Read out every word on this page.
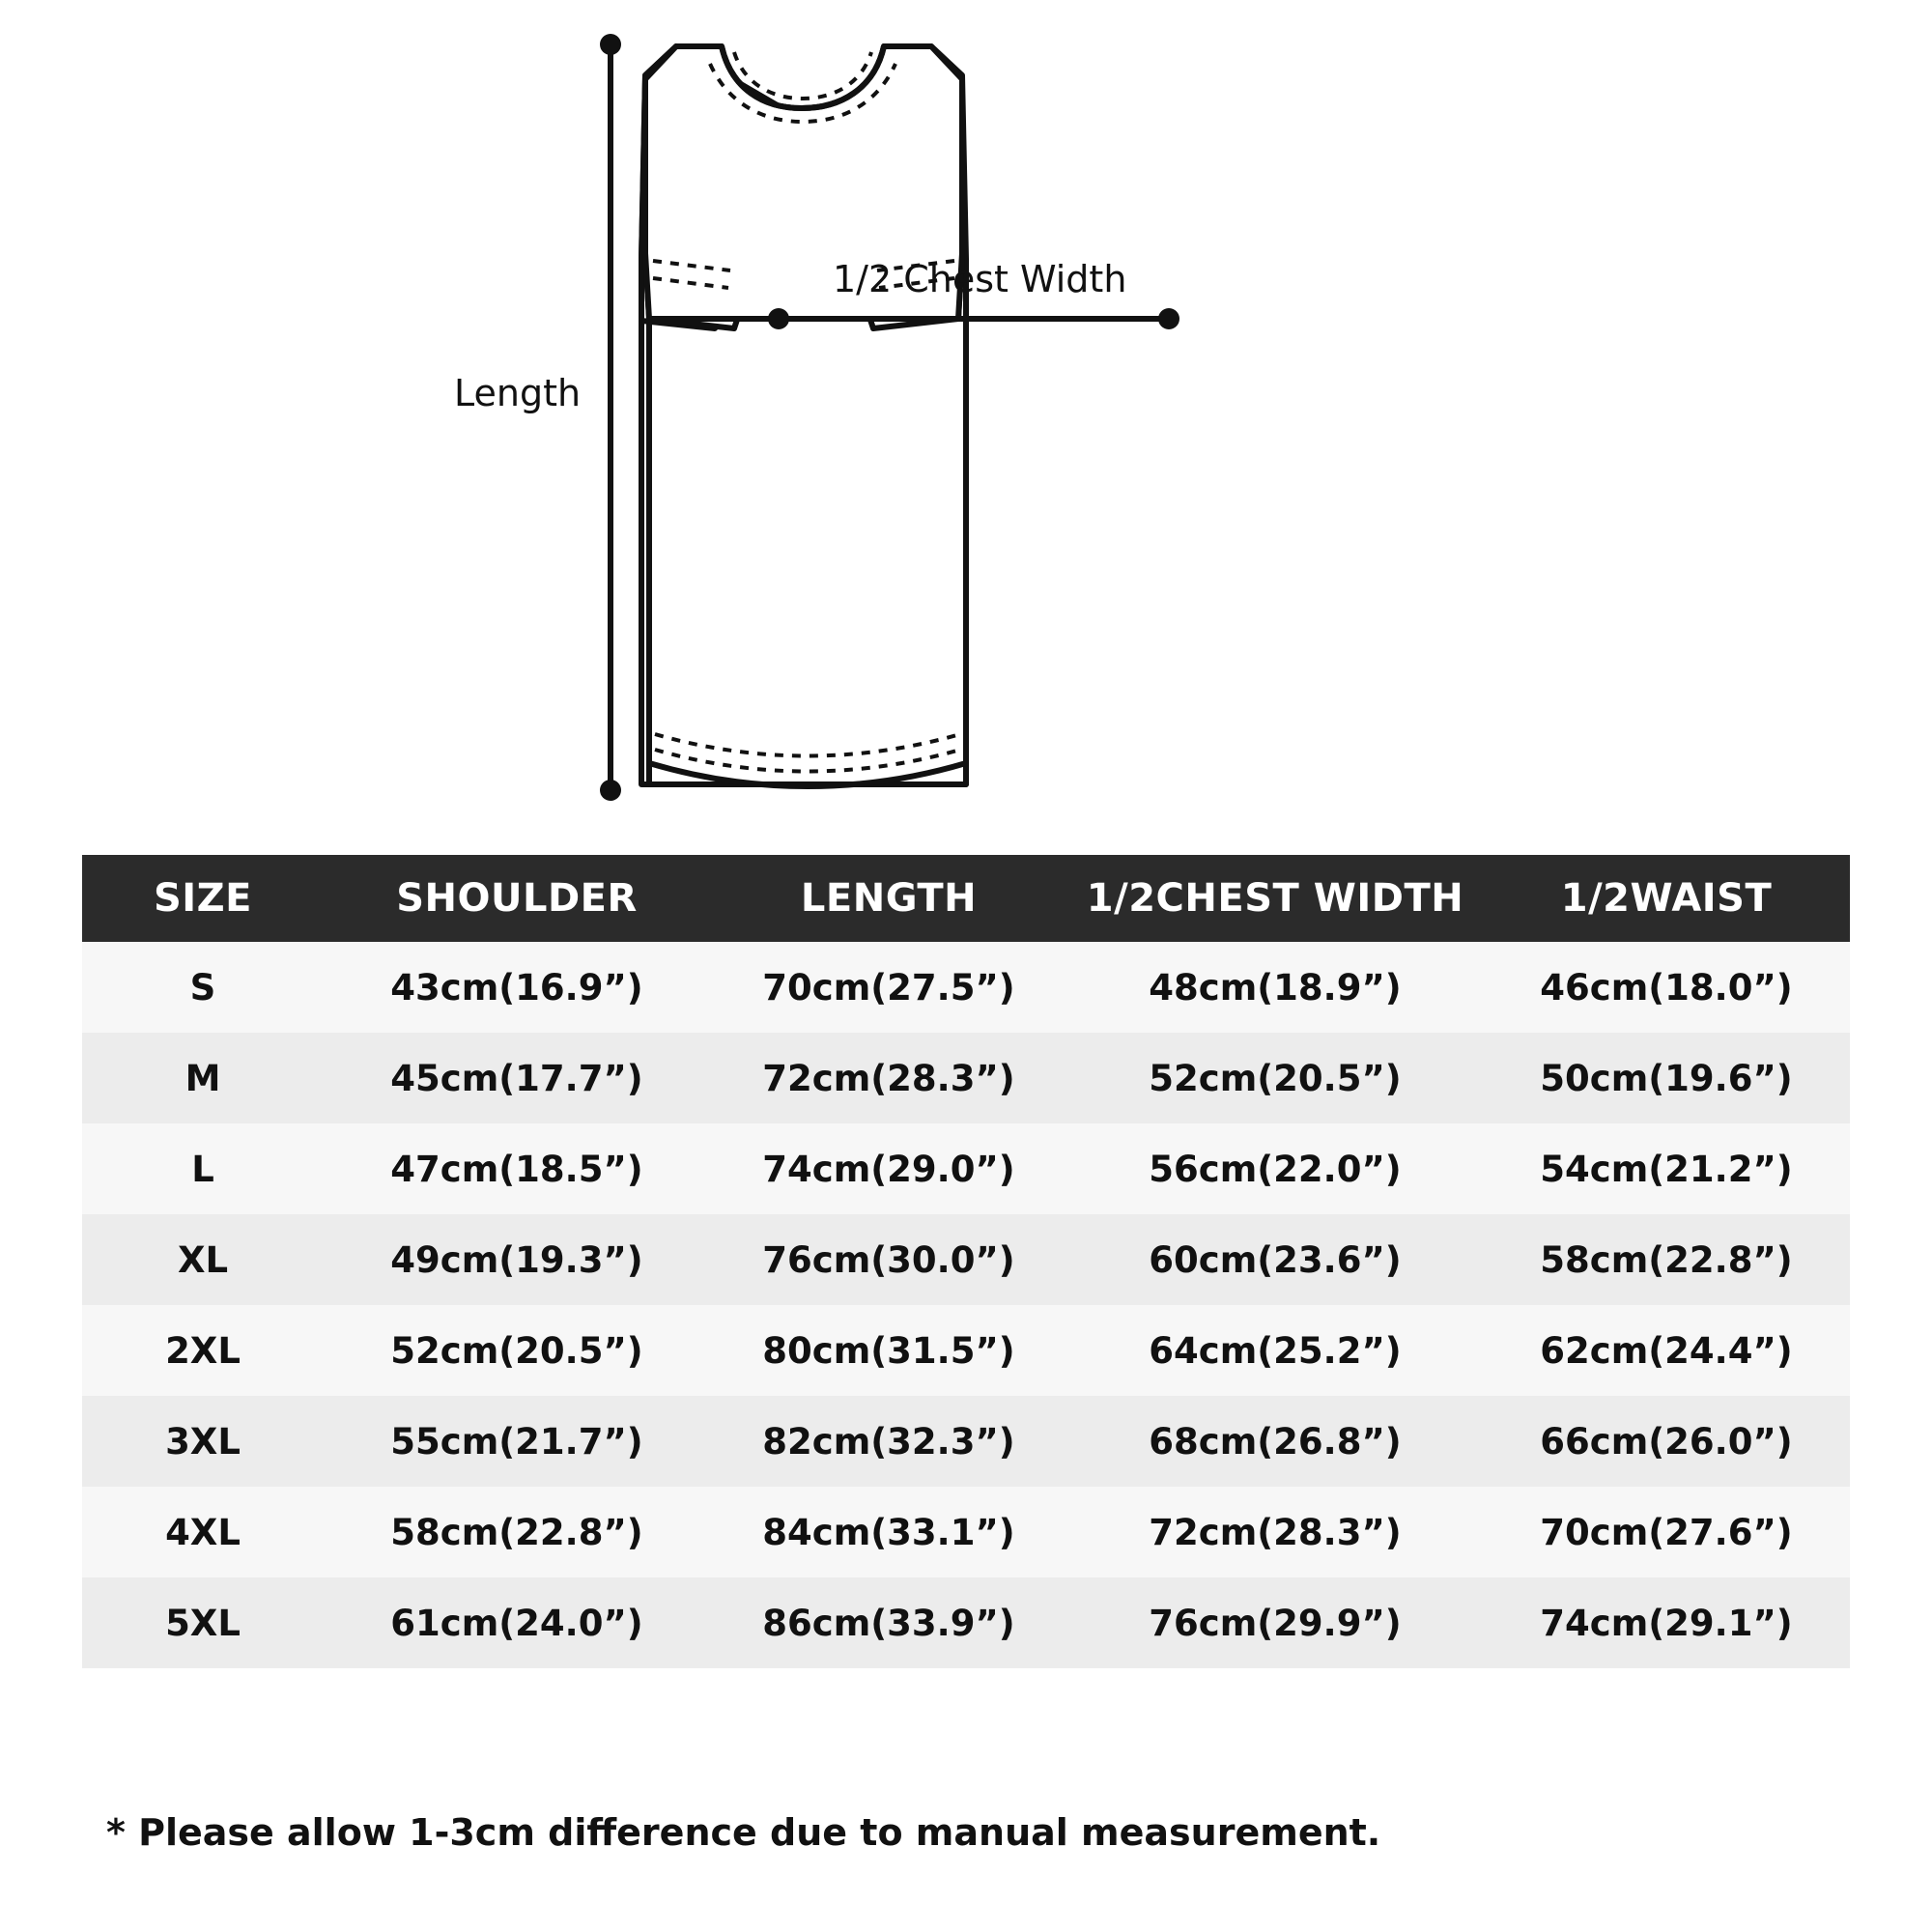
Length
1/2 Chest Width
SIZE	SHOULDER	LENGTH	1/2CHEST WIDTH	1/2WAIST
S	43cm(16.9”)	70cm(27.5”)	48cm(18.9”)	46cm(18.0”)
M	45cm(17.7”)	72cm(28.3”)	52cm(20.5”)	50cm(19.6”)
L	47cm(18.5”)	74cm(29.0”)	56cm(22.0”)	54cm(21.2”)
XL	49cm(19.3”)	76cm(30.0”)	60cm(23.6”)	58cm(22.8”)
2XL	52cm(20.5”)	80cm(31.5”)	64cm(25.2”)	62cm(24.4”)
3XL	55cm(21.7”)	82cm(32.3”)	68cm(26.8”)	66cm(26.0”)
4XL	58cm(22.8”)	84cm(33.1”)	72cm(28.3”)	70cm(27.6”)
5XL	61cm(24.0”)	86cm(33.9”)	76cm(29.9”)	74cm(29.1”)
* Please allow 1-3cm difference due to manual measurement.
